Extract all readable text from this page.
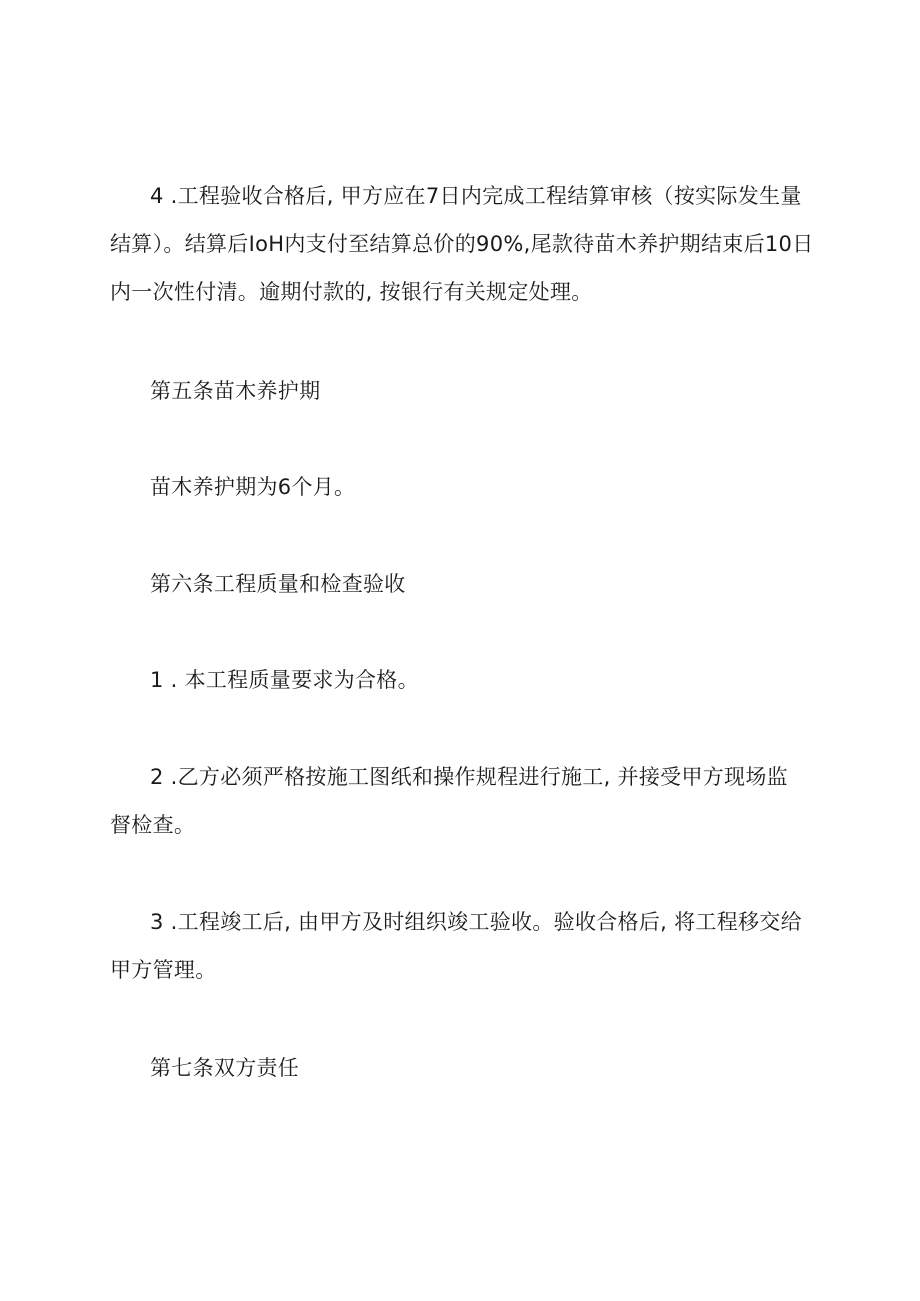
4 .工程验收合格后, 甲方应在7日内完成工程结算审核（按实际发生量
结算）。结算后IoH内支付至结算总价的90%,尾款待苗木养护期结束后10日
内一次性付清。逾期付款的, 按银行有关规定处理。

第五条苗木养护期

苗木养护期为6个月。

第六条工程质量和检查验收

1 . 本工程质量要求为合格。

2 .乙方必须严格按施工图纸和操作规程进行施工, 并接受甲方现场监
督检查。
3 .工程竣工后, 由甲方及时组织竣工验收。验收合格后, 将工程移交给
甲方管理。

第七条双方责任
